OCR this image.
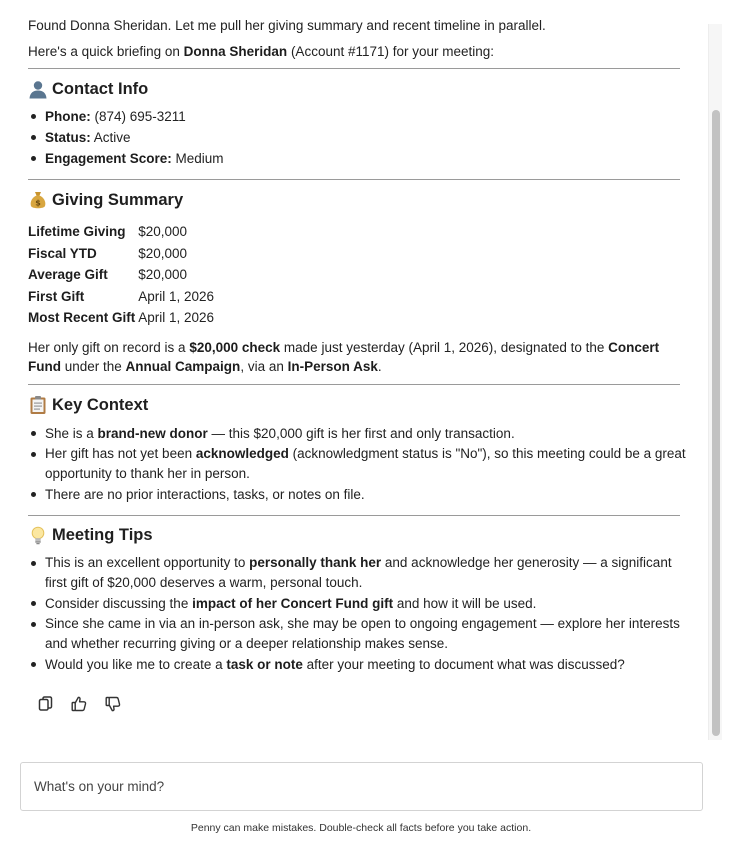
Found Donna Sheridan. Let me pull her giving summary and recent timeline in parallel.
Here's a quick briefing on Donna Sheridan (Account #1171) for your meeting:
Contact Info
Phone: (874) 695-3211
Status: Active
Engagement Score: Medium
$ Giving Summary
Lifetime Giving	$20,000
Fiscal YTD	$20,000
Average Gift	$20,000
First Gift	April 1, 2026
Most Recent Gift	April 1, 2026
Her only gift on record is a $20,000 check made just yesterday (April 1, 2026), designated to the Concert Fund under the Annual Campaign, via an In-Person Ask.
Key Context
She is a brand-new donor — this $20,000 gift is her first and only transaction.
Her gift has not yet been acknowledged (acknowledgment status is "No"), so this meeting could be a great opportunity to thank her in person.
There are no prior interactions, tasks, or notes on file.
Meeting Tips
This is an excellent opportunity to personally thank her and acknowledge her generosity — a significant first gift of $20,000 deserves a warm, personal touch.
Consider discussing the impact of her Concert Fund gift and how it will be used.
Since she came in via an in-person ask, she may be open to ongoing engagement — explore her interests and whether recurring giving or a deeper relationship makes sense.
Would you like me to create a task or note after your meeting to document what was discussed?
What's on your mind?
Penny can make mistakes. Double-check all facts before you take action.
